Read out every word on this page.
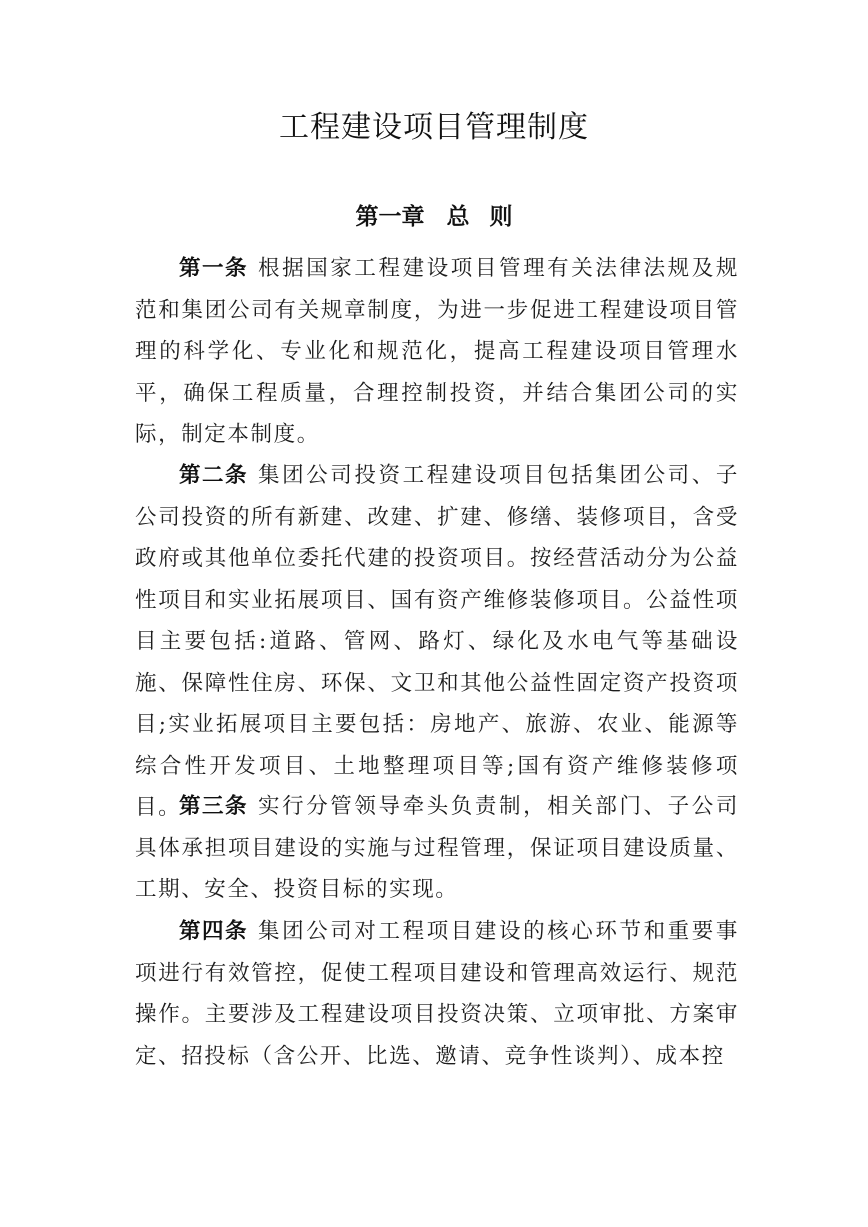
工程建设项目管理制度
第一章 总 则

第一条 根据国家工程建设项目管理有关法律法规及规范和集团公司有关规章制度，为进一步促进工程建设项目管理的科学化、专业化和规范化，提高工程建设项目管理水平，确保工程质量，合理控制投资，并结合集团公司的实际，制定本制度。

第二条 集团公司投资工程建设项目包括集团公司、子公司投资的所有新建、改建、扩建、修缮、装修项目，含受政府或其他单位委托代建的投资项目。按经营活动分为公益性项目和实业拓展项目、国有资产维修装修项目。公益性项目主要包括:道路、管网、路灯、绿化及水电气等基础设施、保障性住房、环保、文卫和其他公益性固定资产投资项目;实业拓展项目主要包括：房地产、旅游、农业、能源等综合性开发项目、土地整理项目等;国有资产维修装修项目。

第三条 实行分管领导牵头负责制，相关部门、子公司具体承担项目建设的实施与过程管理，保证项目建设质量、工期、安全、投资目标的实现。

第四条 集团公司对工程项目建设的核心环节和重要事项进行有效管控，促使工程项目建设和管理高效运行、规范操作。主要涉及工程建设项目投资决策、立项审批、方案审定、招投标（含公开、比选、邀请、竞争性谈判）、成本控
